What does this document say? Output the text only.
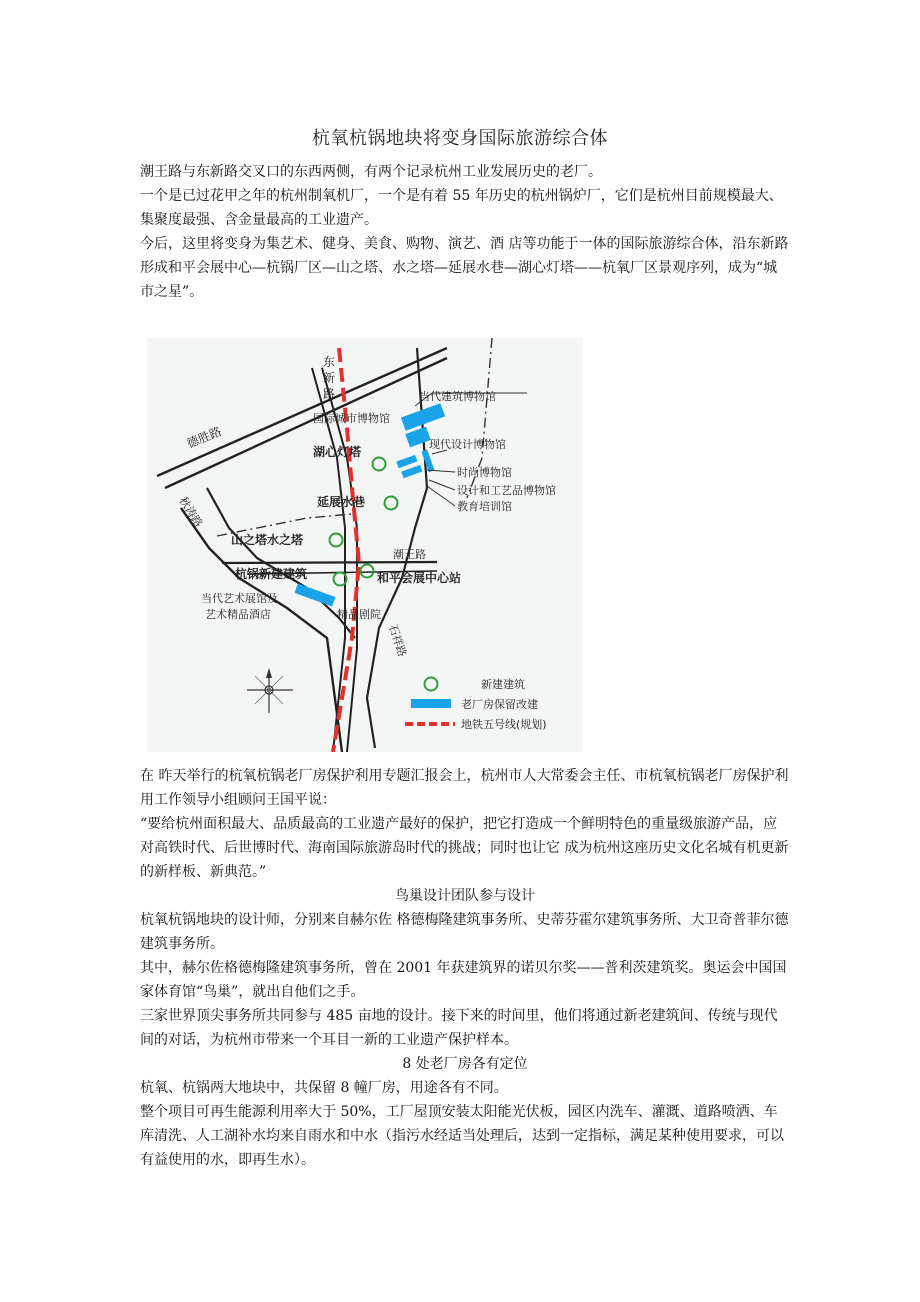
杭氧杭锅地块将变身国际旅游综合体

潮王路与东新路交叉口的东西两侧，有两个记录杭州工业发展历史的老厂。

一个是已过花甲之年的杭州制氧机厂，一个是有着 55 年历史的杭州锅炉厂，它们是杭州目前规模最大、集聚度最强、含金量最高的工业遗产。

今后，这里将变身为集艺术、健身、美食、购物、演艺、酒 店等功能于一体的国际旅游综合体，沿东新路形成和平会展中心—杭锅厂区—山之塔、水之塔—延展水巷—湖心灯塔——杭氧厂区景观序列，成为“城市之星”。

东
新
路
德胜路
秋涛路
潮王路
石祥路
当代建筑博物馆
国际城市博物馆
现代设计博物馆
湖心灯塔
时尚博物馆
设计和工艺品博物馆
教育培训馆
延展水巷
山之塔水之塔
杭锅新建建筑	和平会展中心站
当代艺术展馆及
艺术精品酒店	精品剧院
新建建筑
老厂房保留改建
地铁五号线(规划)

在 昨天举行的杭氧杭锅老厂房保护利用专题汇报会上，杭州市人大常委会主任、市杭氧杭锅老厂房保护利用工作领导小组顾问王国平说：

“要给杭州面积最大、品质最高的工业遗产最好的保护，把它打造成一个鲜明特色的重量级旅游产品，应对高铁时代、后世博时代、海南国际旅游岛时代的挑战；同时也让它 成为杭州这座历史文化名城有机更新的新样板、新典范。”

鸟巢设计团队参与设计

杭氧杭锅地块的设计师，分别来自赫尔佐 格德梅隆建筑事务所、史蒂芬霍尔建筑事务所、大卫奇普菲尔德建筑事务所。

其中，赫尔佐格德梅隆建筑事务所，曾在 2001 年获建筑界的诺贝尔奖——普利茨建筑奖。奥运会中国国家体育馆“鸟巢”，就出自他们之手。

三家世界顶尖事务所共同参与 485 亩地的设计。接下来的时间里，他们将通过新老建筑间、传统与现代间的对话，为杭州市带来一个耳目一新的工业遗产保护样本。

8 处老厂房各有定位

杭氧、杭锅两大地块中，共保留 8 幢厂房，用途各有不同。

整个项目可再生能源利用率大于 50%，工厂屋顶安装太阳能光伏板，园区内洗车、灌溉、道路喷洒、车库清洗、人工湖补水均来自雨水和中水（指污水经适当处理后，达到一定指标，满足某种使用要求，可以有益使用的水，即再生水）。
